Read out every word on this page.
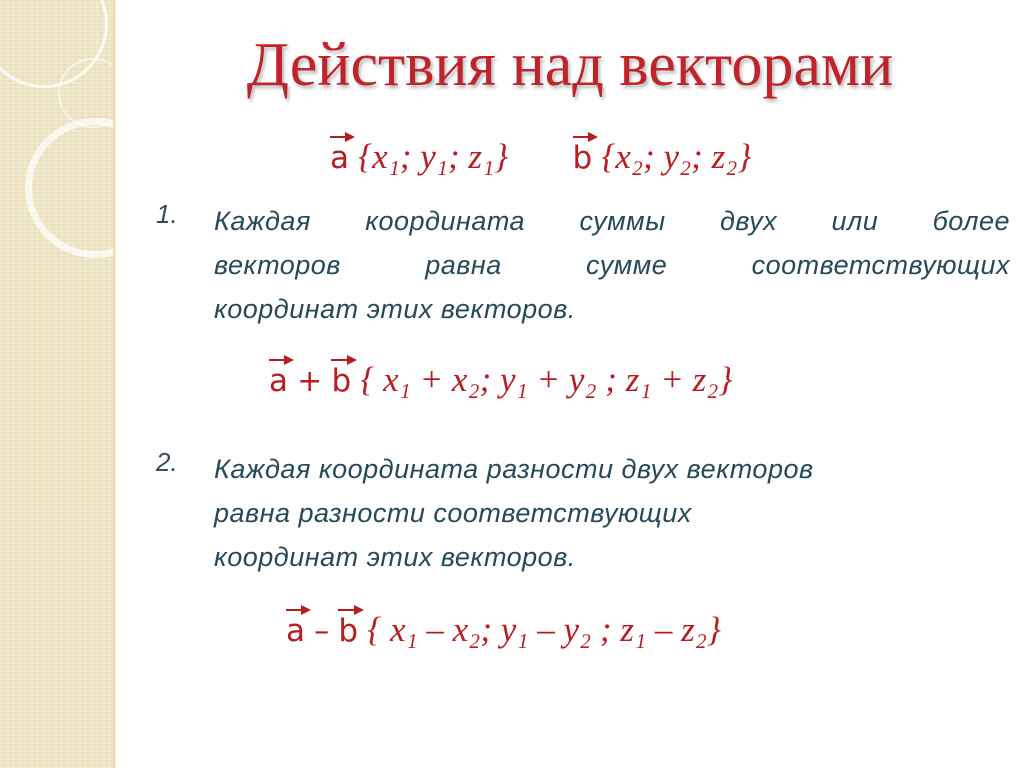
Действия над векторами
a {x₁; y₁; z₁} b {x₂; y₂; z₂}
1. Каждая координата суммы двух или более
векторов равна сумме соответствующих
координат этих векторов.

a + b { x₁ + x₂; y₁ + y₂ ; z₁ + z₂}
2. Каждая координата разности двух векторов
равна разности соответствующих
координат этих векторов.

a – b { x₁ – x₂; y₁ – y₂ ; z₁ – z₂}
